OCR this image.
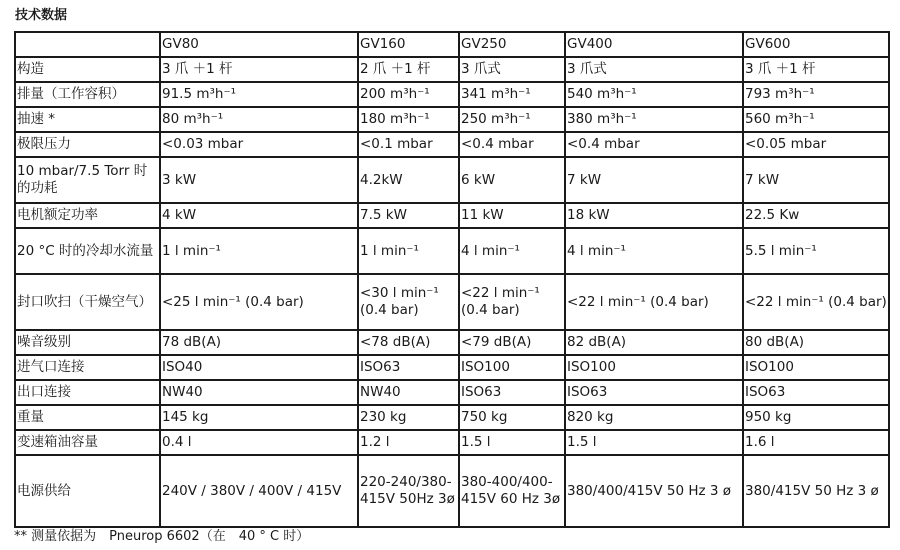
技术数据
	GV80	GV160	GV250	GV400	GV600
构造	3 爪 ＋1 杆	2 爪 ＋1 杆	3 爪式	3 爪式	3 爪 ＋1 杆
排量（工作容积）	91.5 m³h⁻¹	200 m³h⁻¹	341 m³h⁻¹	540 m³h⁻¹	793 m³h⁻¹
抽速 *	80 m³h⁻¹	180 m³h⁻¹	250 m³h⁻¹	380 m³h⁻¹	560 m³h⁻¹
极限压力	<0.03 mbar	<0.1 mbar	<0.4 mbar	<0.4 mbar	<0.05 mbar
10 mbar/7.5 Torr 时的功耗	3 kW	4.2kW	6 kW	7 kW	7 kW
电机额定功率	4 kW	7.5 kW	11 kW	18 kW	22.5 Kw
20 °C 时的冷却水流量	1 l min⁻¹	1 l min⁻¹	4 l min⁻¹	4 l min⁻¹	5.5 l min⁻¹
封口吹扫（干燥空气）	<25 l min⁻¹ (0.4 bar)	<30 l min⁻¹ (0.4 bar)	<22 l min⁻¹ (0.4 bar)	<22 l min⁻¹ (0.4 bar)	<22 l min⁻¹ (0.4 bar)
噪音级别	78 dB(A)	<78 dB(A)	<79 dB(A)	82 dB(A)	80 dB(A)
进气口连接	ISO40	ISO63	ISO100	ISO100	ISO100
出口连接	NW40	NW40	ISO63	ISO63	ISO63
重量	145 kg	230 kg	750 kg	820 kg	950 kg
变速箱油容量	0.4 l	1.2 l	1.5 l	1.5 l	1.6 l
电源供给	240V / 380V / 400V / 415V	220-240/380-415V 50Hz 3ø	380-400/400-415V 60 Hz 3ø	380/400/415V 50 Hz 3 ø	380/415V 50 Hz 3 ø
** 测量依据为　Pneurop 6602（在　40 ° C 时）
